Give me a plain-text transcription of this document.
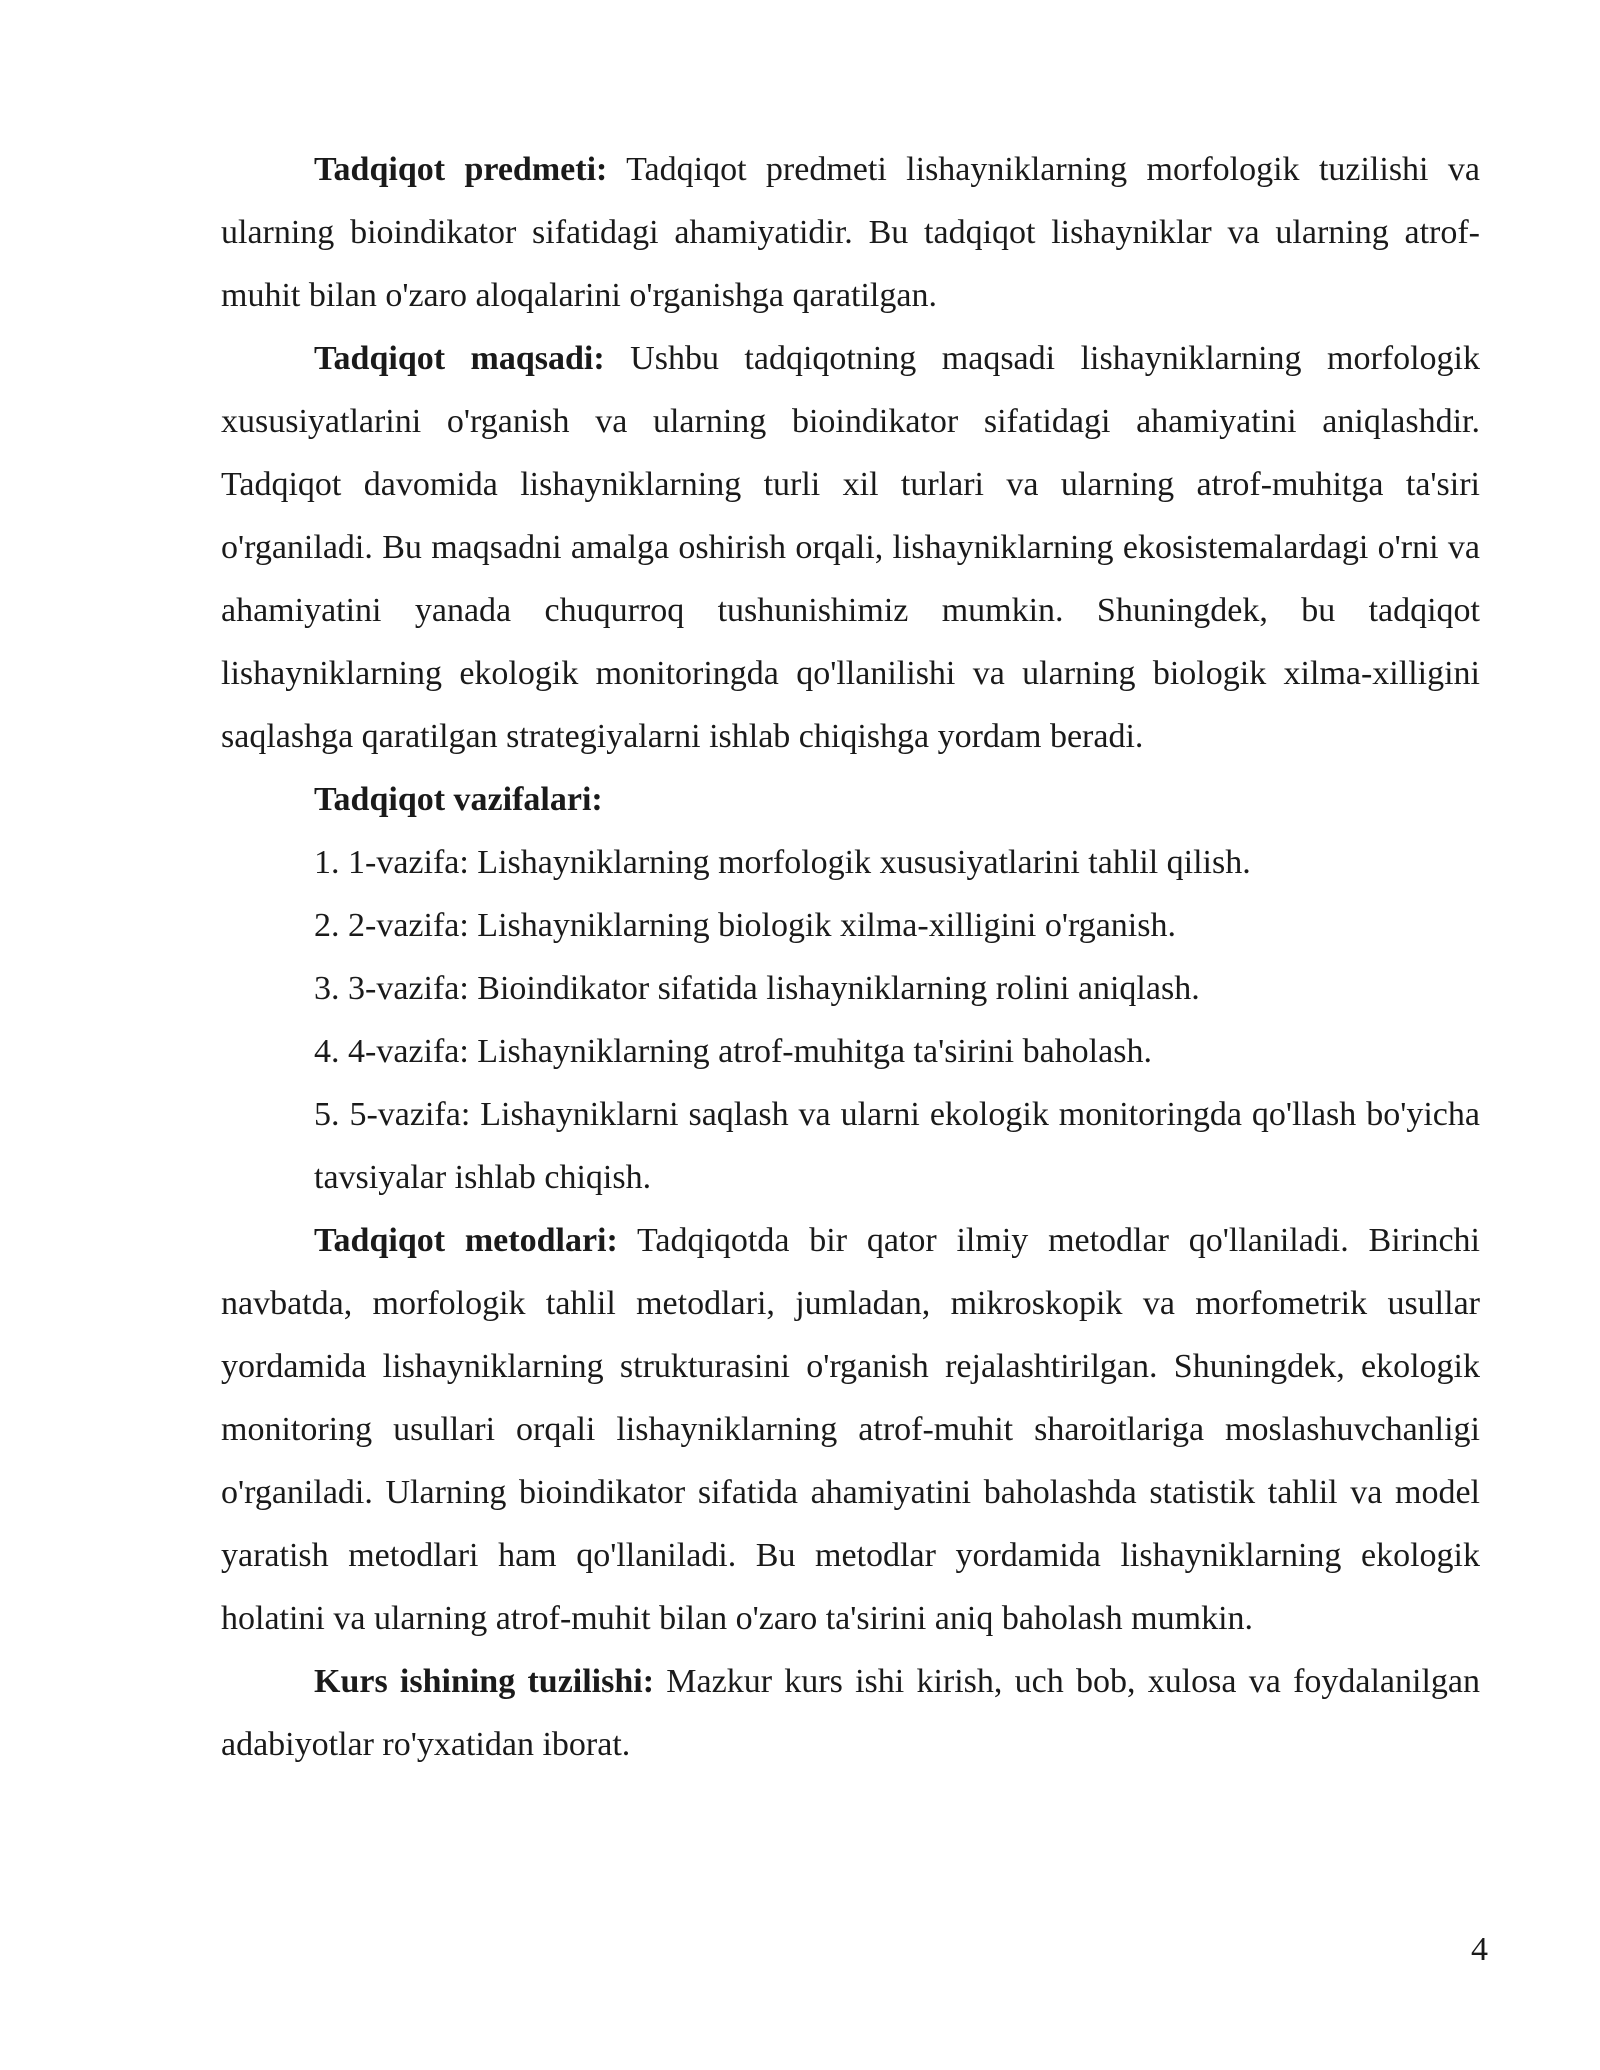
Tadqiqot predmeti: Tadqiqot predmeti lishayniklarning morfologik tuzilishi va ularning bioindikator sifatidagi ahamiyatidir. Bu tadqiqot lishayniklar va ularning atrof-muhit bilan o'zaro aloqalarini o'rganishga qaratilgan.

Tadqiqot maqsadi: Ushbu tadqiqotning maqsadi lishayniklarning morfologik xususiyatlarini o'rganish va ularning bioindikator sifatidagi ahamiyatini aniqlashdir. Tadqiqot davomida lishayniklarning turli xil turlari va ularning atrof-muhitga ta'siri o'rganiladi. Bu maqsadni amalga oshirish orqali, lishayniklarning ekosistemalardagi o'rni va ahamiyatini yanada chuqurroq tushunishimiz mumkin. Shuningdek, bu tadqiqot lishayniklarning ekologik monitoringda qo'llanilishi va ularning biologik xilma-xilligini saqlashga qaratilgan strategiyalarni ishlab chiqishga yordam beradi.

Tadqiqot vazifalari:

1. 1-vazifa: Lishayniklarning morfologik xususiyatlarini tahlil qilish.

2. 2-vazifa: Lishayniklarning biologik xilma-xilligini o'rganish.

3. 3-vazifa: Bioindikator sifatida lishayniklarning rolini aniqlash.

4. 4-vazifa: Lishayniklarning atrof-muhitga ta'sirini baholash.

5. 5-vazifa: Lishayniklarni saqlash va ularni ekologik monitoringda qo'llash bo'yicha tavsiyalar ishlab chiqish.

Tadqiqot metodlari: Tadqiqotda bir qator ilmiy metodlar qo'llaniladi. Birinchi navbatda, morfologik tahlil metodlari, jumladan, mikroskopik va morfometrik usullar yordamida lishayniklarning strukturasini o'rganish rejalashtirilgan. Shuningdek, ekologik monitoring usullari orqali lishayniklarning atrof-muhit sharoitlariga moslashuvchanligi o'rganiladi. Ularning bioindikator sifatida ahamiyatini baholashda statistik tahlil va model yaratish metodlari ham qo'llaniladi. Bu metodlar yordamida lishayniklarning ekologik holatini va ularning atrof-muhit bilan o'zaro ta'sirini aniq baholash mumkin.

Kurs ishining tuzilishi: Mazkur kurs ishi kirish, uch bob, xulosa va foydalanilgan adabiyotlar ro'yxatidan iborat.

4
